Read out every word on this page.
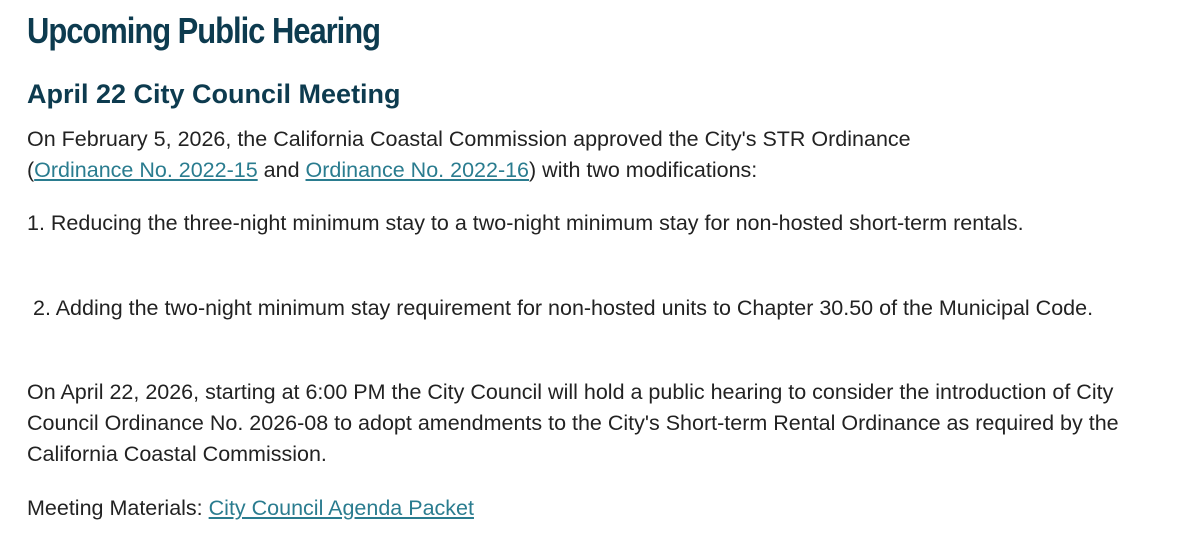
Upcoming Public Hearing
April 22 City Council Meeting

On February 5, 2026, the California Coastal Commission approved the City's STR Ordinance
(Ordinance No. 2022-15 and Ordinance No. 2022-16) with two modifications:

1. Reducing the three-night minimum stay to a two-night minimum stay for non-hosted short-term rentals.

2. Adding the two-night minimum stay requirement for non-hosted units to Chapter 30.50 of the Municipal Code.

On April 22, 2026, starting at 6:00 PM the City Council will hold a public hearing to consider the introduction of City Council Ordinance No. 2026-08 to adopt amendments to the City's Short-term Rental Ordinance as required by the California Coastal Commission.

Meeting Materials: City Council Agenda Packet
